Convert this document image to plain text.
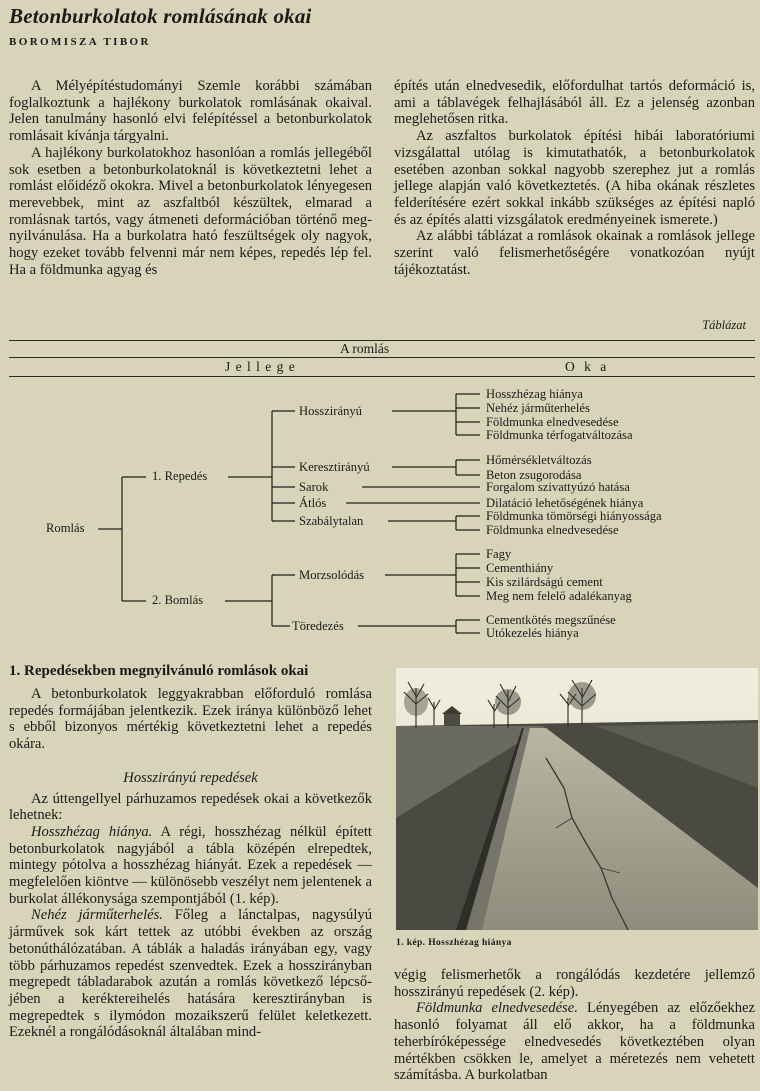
Betonburkolatok romlásának okai
BOROMISZA TIBOR

A Mélyépítéstudományi Szemle korábbi számában foglalkoztunk a hajlékony burkolatok romlásának okaival. Jelen tanulmány hasonló elvi felépítéssel a betonburkolatok romlásait kívánja tárgyalni.

A hajlékony burkolatokhoz hasonlóan a romlás jellegéből sok esetben a betonburkolatoknál is következtetni lehet a romlást előidéző okokra. Mivel a betonburkolatok lényegesen merevebbek, mint az aszfaltból készültek, elmarad a romlásnak tartós, vagy átmeneti deformációban történő megnyilvánulása. Ha a burkolatra ható feszültségek oly nagyok, hogy ezeket tovább felvenni már nem képes, repedés lép fel. Ha a földmunka agyag és

építés után elnedvesedik, előfordulhat tartós deformáció is, ami a táblavégek felhajlásából áll. Ez a jelenség azonban meglehetősen ritka.

Az aszfaltos burkolatok építési hibái laboratóriumi vizsgálattal utólag is kimutathatók, a betonburkolatok esetében azonban sokkal nagyobb szerephez jut a romlás jellege alapján való következtetés. (A hiba okának részletes felderítésére ezért sokkal inkább szükséges az építési napló és az építés alatti vizsgálatok eredményeinek ismerete.)

Az alábbi táblázat a romlások okainak a romlások jellege szerint való felismerhetőségére vonatkozóan nyújt tájékoztatást.

Táblázat
A romlás
J e l l e g e	O k a
Romlás
1. Repedés
2. Bomlás
Hosszirányú
Keresztirányú
Sarok
Átlós
Szabálytalan
Morzsolódás
Töredezés
Hosszhézag hiánya
Nehéz járműterhelés
Földmunka elnedvesedése
Földmunka térfogatváltozása
Hőmérsékletváltozás
Beton zsugorodása
Forgalom szivattyúzó hatása
Dilatáció lehetőségének hiánya
Földmunka tömörségi hiányossága
Földmunka elnedvesedése
Fagy
Cementhiány
Kis szilárdságú cement
Meg nem felelő adalékanyag
Cementkötés megszűnése
Utókezelés hiánya
1. Repedésekben megnyilvánuló romlások okai

A betonburkolatok leggyakrabban előforduló romlása repedés formájában jelentkezik. Ezek iránya különböző lehet s ebből bizonyos mértékig következtetni lehet a repedés okára.

Hosszirányú repedések

Az úttengellyel párhuzamos repedések okai a következők lehetnek:

Hosszhézag hiánya. A régi, hosszhézag nélkül épített betonburkolatok nagyjából a tábla középén elrepedtek, mintegy pótolva a hosszhézag hiányát. Ezek a repedések — megfelelően kiöntve — különösebb veszélyt nem jelentenek a burkolat állékonysága szempontjából (1. kép).

Nehéz járműterhelés. Főleg a lánctalpas, nagysúlyú járművek sok kárt tettek az utóbbi években az ország betonúthálózatában. A táblák a haladás irányában egy, vagy több párhuzamos repedést szenvedtek. Ezek a hosszirányban megrepedt tábladarabok azután a romlás következő lépcsőjében a keréktereihelés hatására keresztirányban is megrepedtek s ilymódon mozaikszerű felület keletkezett. Ezeknél a rongálódásoknál általában mind-

1. kép. Hosszhézag hiánya

végig felismerhetők a rongálódás kezdetére jellemző hosszirányú repedések (2. kép).

Földmunka elnedvesedése. Lényegében az előzőekhez hasonló folyamat áll elő akkor, ha a földmunka teherbíróképessége elnedvesedés következtében olyan mértékben csökken le, amelyet a méretezés nem vehetett számításba. A burkolatban
